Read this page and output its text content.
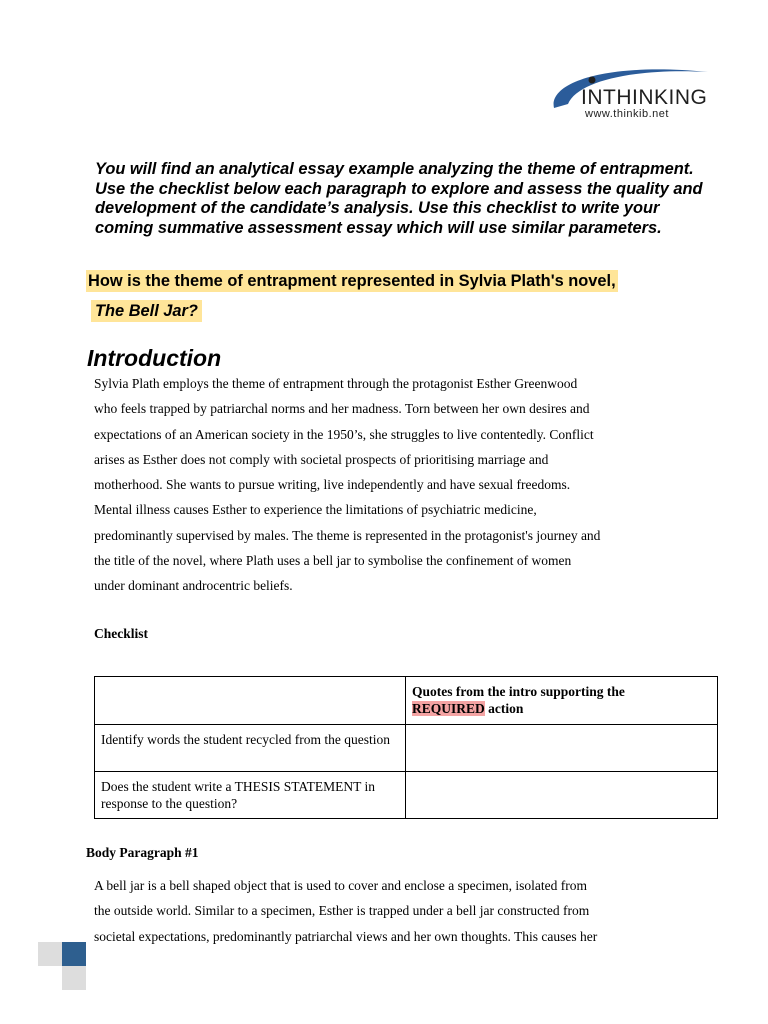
INTHINKING
www.thinkib.net
You will find an analytical essay example analyzing the theme of entrapment. Use the checklist below each paragraph to explore and assess the quality and development of the candidate’s analysis. Use this checklist to write your coming summative assessment essay which will use similar parameters.
How is the theme of entrapment represented in Sylvia Plath's novel,
The Bell Jar?
Introduction

Sylvia Plath employs the theme of entrapment through the protagonist Esther Greenwood

who feels trapped by patriarchal norms and her madness. Torn between her own desires and

expectations of an American society in the 1950’s, she struggles to live contentedly. Conflict

arises as Esther does not comply with societal prospects of prioritising marriage and

motherhood. She wants to pursue writing, live independently and have sexual freedoms.

Mental illness causes Esther to experience the limitations of psychiatric medicine,

predominantly supervised by males. The theme is represented in the protagonist's journey and

the title of the novel, where Plath uses a bell jar to symbolise the confinement of women

under dominant androcentric beliefs.

Checklist
	Quotes from the intro supporting the
REQUIRED action
Identify words the student recycled from the question	
Does the student write a THESIS STATEMENT in response to the question?	
Body Paragraph #1

A bell jar is a bell shaped object that is used to cover and enclose a specimen, isolated from

the outside world. Similar to a specimen, Esther is trapped under a bell jar constructed from

societal expectations, predominantly patriarchal views and her own thoughts. This causes her
